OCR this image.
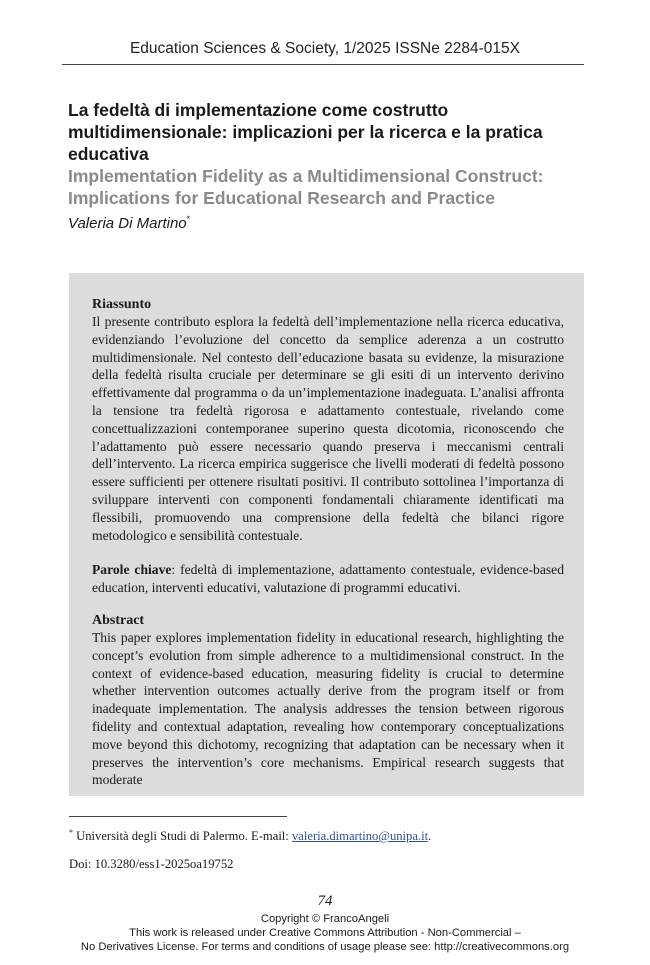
Education Sciences & Society, 1/2025 ISSNe 2284-015X
La fedeltà di implementazione come costrutto multidimensionale: implicazioni per la ricerca e la pratica educativa
Implementation Fidelity as a Multidimensional Construct: Implications for Educational Research and Practice

Valeria Di Martino*

Riassunto

Il presente contributo esplora la fedeltà dell’implementazione nella ricerca educativa, evidenziando l’evoluzione del concetto da semplice aderenza a un costrutto multidimensionale. Nel contesto dell’educazione basata su evidenze, la misurazione della fedeltà risulta cruciale per determinare se gli esiti di un intervento derivino effettivamente dal programma o da un’implementazione inadeguata. L’analisi affronta la tensione tra fedeltà rigorosa e adattamento contestuale, rivelando come concettualizzazioni contemporanee superino questa dicotomia, riconoscendo che l’adattamento può essere necessario quando preserva i meccanismi centrali dell’intervento. La ricerca empirica suggerisce che livelli moderati di fedeltà possono essere sufficienti per ottenere risultati positivi. Il contributo sottolinea l’importanza di sviluppare interventi con componenti fondamentali chiaramente identificati ma flessibili, promuovendo una comprensione della fedeltà che bilanci rigore metodologico e sensibilità contestuale.

Parole chiave: fedeltà di implementazione, adattamento contestuale, evidence-based education, interventi educativi, valutazione di programmi educativi.

Abstract

This paper explores implementation fidelity in educational research, highlighting the concept’s evolution from simple adherence to a multidimensional construct. In the context of evidence-based education, measuring fidelity is crucial to determine whether intervention outcomes actually derive from the program itself or from inadequate implementation. The analysis addresses the tension between rigorous fidelity and contextual adaptation, revealing how contemporary conceptualizations move beyond this dichotomy, recognizing that adaptation can be necessary when it preserves the intervention’s core mechanisms. Empirical research suggests that moderate

* Università degli Studi di Palermo. E-mail: valeria.dimartino@unipa.it.
Doi: 10.3280/ess1-2025oa19752
74
Copyright © FrancoAngeli
This work is released under Creative Commons Attribution - Non-Commercial –
No Derivatives License. For terms and conditions of usage please see: http://creativecommons.org
